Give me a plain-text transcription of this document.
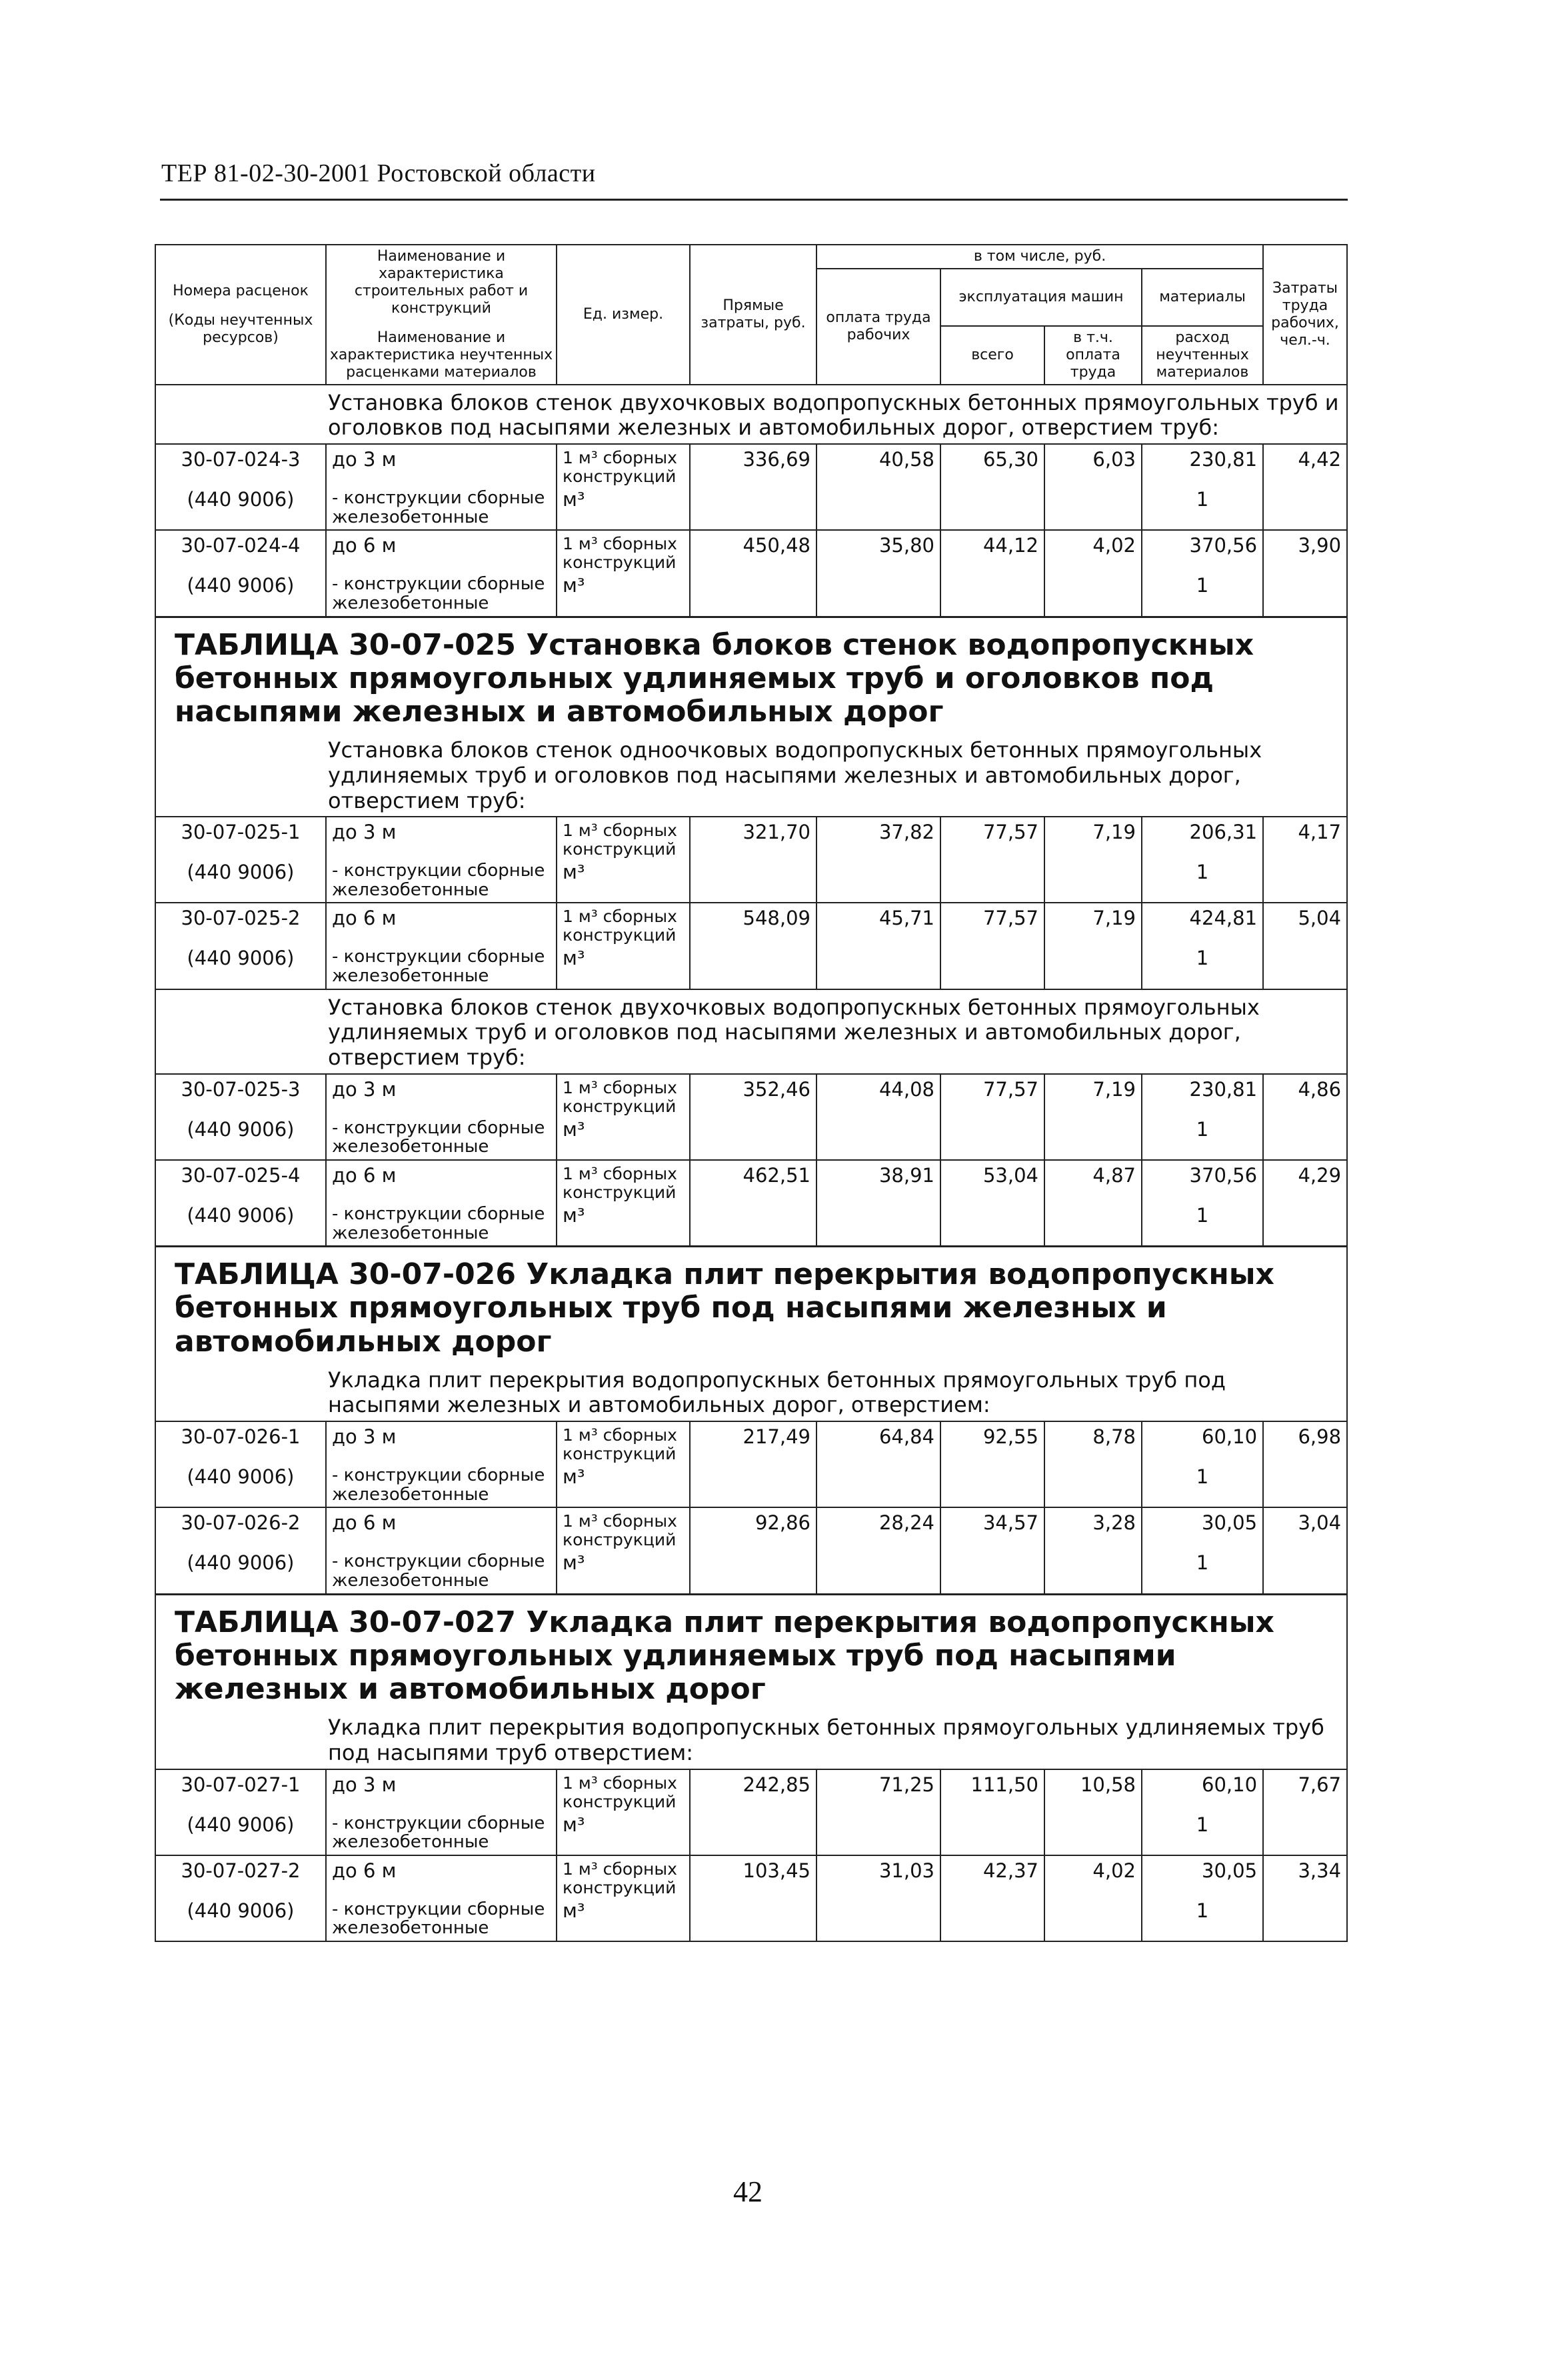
ТЕР 81-02-30-2001 Ростовской области
Номера расценок
(Коды неучтенных ресурсов)	Наименование и характеристика строительных работ и конструкций
Наименование и характеристика неучтенных расценками материалов	Ед. измер.	Прямые затраты, руб.	в том числе, руб.				Затраты труда рабочих, чел.-ч.
				оплата труда рабочих	эксплуатация машин		материалы	
					всего	в т.ч. оплата труда	расход неучтенных материалов	
Установка блоков стенок двухочковых водопропускных бетонных прямоугольных труб и оголовков под насыпями железных и автомобильных дорог, отверстием труб:								
30-07-024-3	до 3 м	1 м³ сборных конструкций	336,69	40,58	65,30	6,03	230,81	4,42
(440 9006)	- конструкции сборные железобетонные	м³					1	
30-07-024-4	до 6 м	1 м³ сборных конструкций	450,48	35,80	44,12	4,02	370,56	3,90
(440 9006)	- конструкции сборные железобетонные	м³					1	
ТАБЛИЦА 30-07-025 Установка блоков стенок водопропускных бетонных прямоугольных удлиняемых труб и оголовков под насыпями железных и автомобильных дорог								
Установка блоков стенок одноочковых водопропускных бетонных прямоугольных удлиняемых труб и оголовков под насыпями железных и автомобильных дорог, отверстием труб:								
30-07-025-1	до 3 м	1 м³ сборных конструкций	321,70	37,82	77,57	7,19	206,31	4,17
(440 9006)	- конструкции сборные железобетонные	м³					1	
30-07-025-2	до 6 м	1 м³ сборных конструкций	548,09	45,71	77,57	7,19	424,81	5,04
(440 9006)	- конструкции сборные железобетонные	м³					1	
Установка блоков стенок двухочковых водопропускных бетонных прямоугольных удлиняемых труб и оголовков под насыпями железных и автомобильных дорог, отверстием труб:								
30-07-025-3	до 3 м	1 м³ сборных конструкций	352,46	44,08	77,57	7,19	230,81	4,86
(440 9006)	- конструкции сборные железобетонные	м³					1	
30-07-025-4	до 6 м	1 м³ сборных конструкций	462,51	38,91	53,04	4,87	370,56	4,29
(440 9006)	- конструкции сборные железобетонные	м³					1	
ТАБЛИЦА 30-07-026 Укладка плит перекрытия водопропускных бетонных прямоугольных труб под насыпями железных и автомобильных дорог								
Укладка плит перекрытия водопропускных бетонных прямоугольных труб под насыпями железных и автомобильных дорог, отверстием:								
30-07-026-1	до 3 м	1 м³ сборных конструкций	217,49	64,84	92,55	8,78	60,10	6,98
(440 9006)	- конструкции сборные железобетонные	м³					1	
30-07-026-2	до 6 м	1 м³ сборных конструкций	92,86	28,24	34,57	3,28	30,05	3,04
(440 9006)	- конструкции сборные железобетонные	м³					1	
ТАБЛИЦА 30-07-027 Укладка плит перекрытия водопропускных бетонных прямоугольных удлиняемых труб под насыпями железных и автомобильных дорог								
Укладка плит перекрытия водопропускных бетонных прямоугольных удлиняемых труб под насыпями труб отверстием:								
30-07-027-1	до 3 м	1 м³ сборных конструкций	242,85	71,25	111,50	10,58	60,10	7,67
(440 9006)	- конструкции сборные железобетонные	м³					1	
30-07-027-2	до 6 м	1 м³ сборных конструкций	103,45	31,03	42,37	4,02	30,05	3,34
(440 9006)	- конструкции сборные железобетонные	м³					1	
42
